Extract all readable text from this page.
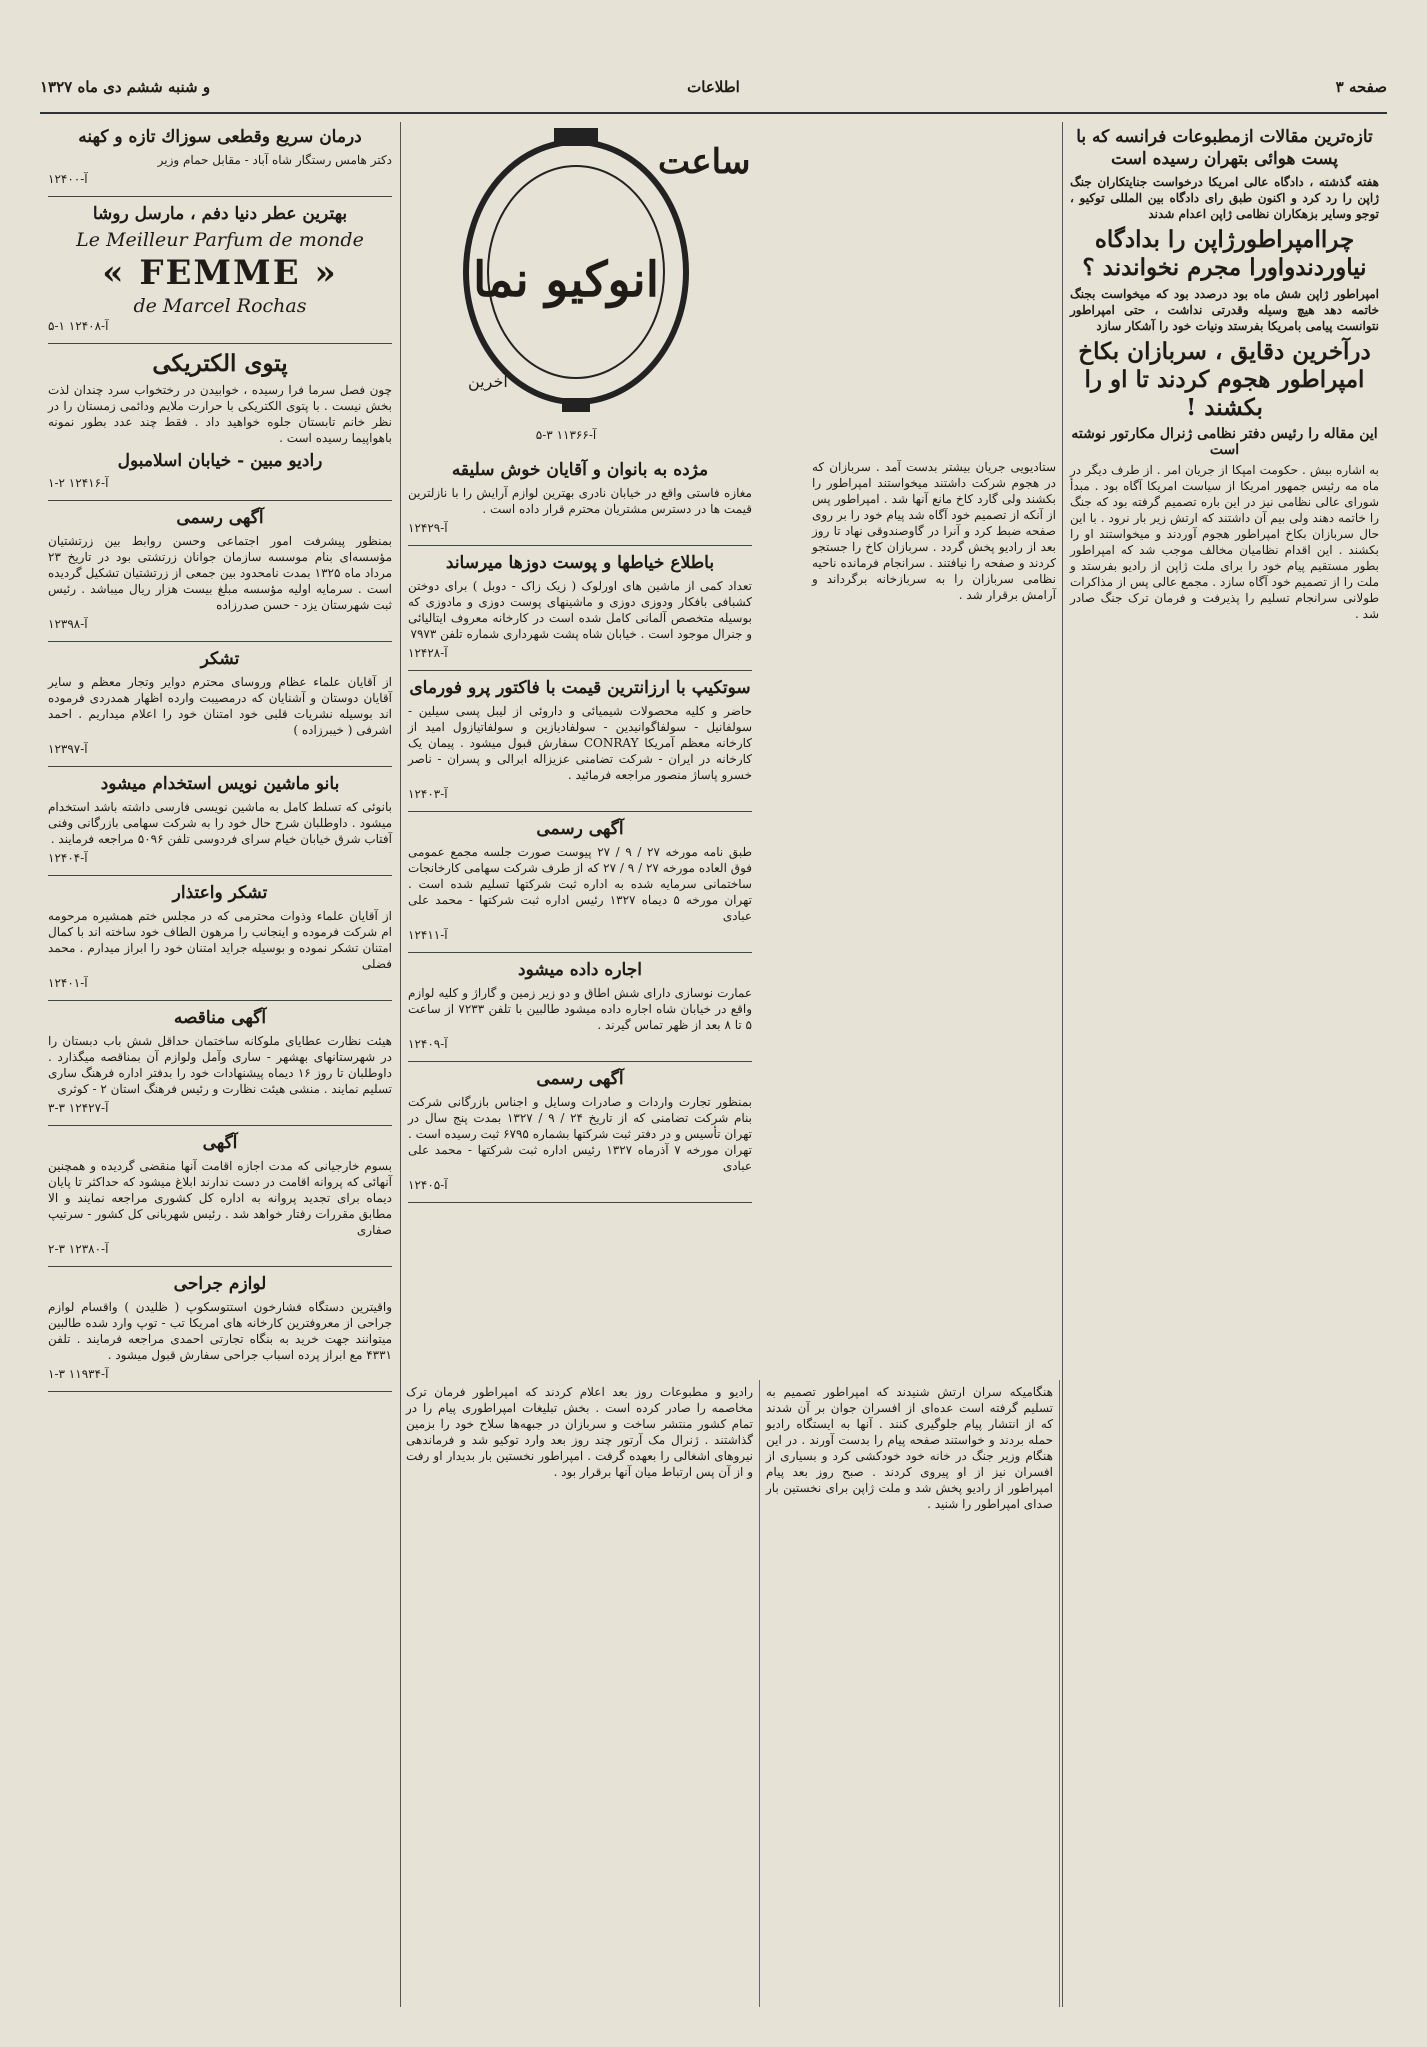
صفحه ۳
اطلاعات
و شنبه ششم دی ماه ۱۳۲۷
تازه‌ترین مقالات ازمطبوعات فرانسه که با پست هوائی بتهران رسیده است
هفته گذشته ، دادگاه عالی امریکا درخواست جنایتکاران جنگ ژاپن را رد کرد و اکنون طبق رای دادگاه بین المللی توکیو ، توجو وسایر بزهکاران نظامی ژاپن اعدام شدند
چراامپراطورژاپن را بدادگاه نیاوردندواورا مجرم نخواندند ؟
امپراطور ژاپن شش ماه بود درصدد بود که میخواست بجنگ خاتمه دهد هیچ وسیله وقدرتی نداشت ، حتی امپراطور نتوانست پیامی بامریکا بفرستد ونیات خود را آشکار سازد
درآخرین دقایق ، سربازان بکاخ امپراطور هجوم کردند تا او را بکشند !
این مقاله را رئیس دفتر نظامی ژنرال مکارتور نوشته است
به اشاره بیش . حکومت امپکا از جریان امر . از طرف دیگر در ماه مه رئیس جمهور امریکا از سیاست امریکا آگاه بود . مبدأ شورای عالی نظامی نیز در این باره تصمیم گرفته بود که جنگ را خاتمه دهند ولی بیم آن داشتند که ارتش زیر بار نرود . با این حال سربازان بکاخ امپراطور هجوم آوردند و میخواستند او را بکشند . این اقدام نظامیان مخالف موجب شد که امپراطور بطور مستقیم پیام خود را برای ملت ژاپن از رادیو بفرستد و ملت را از تصمیم خود آگاه سازد . مجمع عالی پس از مذاکرات طولانی سرانجام تسلیم را پذیرفت و فرمان ترک جنگ صادر شد .
انوکیو نما
ساعت
آخرین
آ-۱۱۳۶۶ ۳-۵
مژده به بانوان و آقایان خوش سلیقه
مغازه فاستی واقع در خیابان نادری بهترین لوازم آرایش را با نازلترین قیمت ها در دسترس مشتریان محترم قرار داده است .
آ-۱۲۴۲۹
باطلاع خیاطها و پوست دوزها میرساند
تعداد کمی از ماشین های اورلوک ( زیک زاک - دوبل ) برای دوختن کشبافی بافکار ودوزی دوزی و ماشینهای پوست دوزی و مادوزی که بوسیله متخصص آلمانی کامل شده است در کارخانه معروف ایتالیائی و جنرال موجود است . خیابان شاه پشت شهرداری شماره تلفن ۷۹۷۳
آ-۱۲۴۲۸
سوتکیپ با ارزانترین قیمت با فاکتور پرو فورمای
حاضر و کلیه محصولات شیمیائی و داروئی از لیبل پسی سیلین - سولفانیل - سولفاگوانیدین - سولفادیازین و سولفاتیازول امید از کارخانه معظم آمریکا CONRAY سفارش قبول میشود . پیمان یک کارخانه در ایران - شرکت تضامنی عزیزاله ابرالی و پسران - ناصر خسرو پاساژ منصور مراجعه فرمائید .
آ-۱۲۴۰۳
آگهی رسمی
طبق نامه مورخه ۲۷ / ۹ / ۲۷ پیوست صورت جلسه مجمع عمومی فوق العاده مورخه ۲۷ / ۹ / ۲۷ که از طرف شرکت سهامی کارخانجات ساختمانی سرمایه شده به اداره ثبت شرکتها تسلیم شده است . تهران مورخه ۵ دیماه ۱۳۲۷ رئیس اداره ثبت شرکتها - محمد علی عبادی
آ-۱۲۴۱۱
اجاره داده میشود
عمارت نوسازی دارای شش اطاق و دو زیر زمین و گاراژ و کلیه لوازم واقع در خیابان شاه اجاره داده میشود طالبین با تلفن ۷۲۳۳ از ساعت ۵ تا ۸ بعد از ظهر تماس گیرند .
آ-۱۲۴۰۹
آگهی رسمی
بمنظور تجارت واردات و صادرات وسایل و اجناس بازرگانی شرکت بنام شرکت تضامنی که از تاریخ ۲۴ / ۹ / ۱۳۲۷ بمدت پنج سال در تهران تأسیس و در دفتر ثبت شرکتها بشماره ۶۷۹۵ ثبت رسیده است . تهران مورخه ۷ آذرماه ۱۳۲۷ رئیس اداره ثبت شرکتها - محمد علی عبادی
آ-۱۲۴۰۵
ستادیویی جریان بیشتر بدست آمد . سربازان که در هجوم شرکت داشتند میخواستند امپراطور را بکشند ولی گارد کاخ مانع آنها شد . امپراطور پس از آنکه از تصمیم خود آگاه شد پیام خود را بر روی صفحه ضبط کرد و آنرا در گاوصندوقی نهاد تا روز بعد از رادیو پخش گردد . سربازان کاخ را جستجو کردند و صفحه را نیافتند . سرانجام فرمانده ناحیه نظامی سربازان را به سربازخانه برگرداند و آرامش برقرار شد .
هنگامیکه سران ارتش شنیدند که امپراطور تصمیم به تسلیم گرفته است عده‌ای از افسران جوان بر آن شدند که از انتشار پیام جلوگیری کنند . آنها به ایستگاه رادیو حمله بردند و خواستند صفحه پیام را بدست آورند . در این هنگام وزیر جنگ در خانه خود خودکشی کرد و بسیاری از افسران نیز از او پیروی کردند . صبح روز بعد پیام امپراطور از رادیو پخش شد و ملت ژاپن برای نخستین بار صدای امپراطور را شنید .
رادیو و مطبوعات روز بعد اعلام کردند که امپراطور فرمان ترک مخاصمه را صادر کرده است . بخش تبلیغات امپراطوری پیام را در تمام کشور منتشر ساخت و سربازان در جبهه‌ها سلاح خود را بزمین گذاشتند . ژنرال مک آرتور چند روز بعد وارد توکیو شد و فرماندهی نیروهای اشغالی را بعهده گرفت . امپراطور نخستین بار بدیدار او رفت و از آن پس ارتباط میان آنها برقرار بود .
درمان سریع وقطعی سوزاك تازه و کهنه
دکتر هامس رستگار شاه آباد - مقابل حمام وزیر
آ-۱۲۴۰۰
بهترین عطر دنیا دفم ، مارسل روشا
Le Meilleur Parfum de monde
« FEMME »
de Marcel Rochas
آ-۱۲۴۰۸ ۱-۵
پتوی الکتریکی
چون فصل سرما فرا رسیده ، خوابیدن در رختخواب سرد چندان لذت بخش نیست . با پتوی الکتریکی با حرارت ملایم ودائمی زمستان را در نظر خانم تابستان جلوه خواهید داد . فقط چند عدد بطور نمونه باهواپیما رسیده است .
رادیو مبین - خیابان اسلامبول
آ-۱۲۴۱۶ ۲-۱
آگهی رسمی
بمنظور پیشرفت امور اجتماعی وحسن روابط بین زرتشتیان مؤسسه‌ای بنام موسسه سازمان جوانان زرتشتی بود در تاریخ ۲۳ مرداد ماه ۱۳۲۵ بمدت نامحدود بین جمعی از زرتشتیان تشکیل گردیده است . سرمایه اولیه مؤسسه مبلغ بیست هزار ریال میباشد . رئیس ثبت شهرستان یزد - حسن صدرزاده
آ-۱۲۳۹۸
تشکر
از آقایان علماء عظام وروسای محترم دوایر وتجار معظم و سایر آقایان دوستان و آشنایان که درمصیبت وارده اظهار همدردی فرموده اند بوسیله نشریات قلبی خود امتنان خود را اعلام میداریم . احمد اشرفی ( خیبرزاده )
آ-۱۲۳۹۷
بانو ماشین نویس استخدام میشود
بانوئی که تسلط کامل به ماشین نویسی فارسی داشته باشد استخدام میشود . داوطلبان شرح حال خود را به شرکت سهامی بازرگانی وفنی آفتاب شرق خیابان خیام سرای فردوسی تلفن ۵۰۹۶ مراجعه فرمایند .
آ-۱۲۴۰۴
تشکر واعتذار
از آقایان علماء وذوات محترمی که در مجلس ختم همشیره مرحومه ام شرکت فرموده و اینجانب را مرهون الطاف خود ساخته اند با کمال امتنان تشکر نموده و بوسیله جراید امتنان خود را ابراز میدارم . محمد فضلی
آ-۱۲۴۰۱
آگهی مناقصه
هیئت نظارت عطایای ملوکانه ساختمان حداقل شش باب دبستان را در شهرستانهای بهشهر - ساری وآمل ولوازم آن بمناقصه میگذارد . داوطلبان تا روز ۱۶ دیماه پیشنهادات خود را بدفتر اداره فرهنگ ساری تسلیم نمایند . منشی هیئت نظارت و رئیس فرهنگ استان ۲ - کوثری
آ-۱۲۴۲۷ ۳-۳
آگهی
بسوم خارجیانی که مدت اجازه اقامت آنها منقضی گردیده و همچنین آنهائی که پروانه اقامت در دست ندارند ابلاغ میشود که حداکثر تا پایان دیماه برای تجدید پروانه به اداره کل کشوری مراجعه نمایند و الا مطابق مقررات رفتار خواهد شد . رئیس شهربانی کل کشور - سرتیپ صفاری
آ-۱۲۳۸۰ ۳-۲
لوازم جراحی
واقیترین دستگاه فشارخون استتوسکوپ ( ظلیدن ) واقسام لوازم جراحی از معروفترین کارخانه های امریکا تب - توپ وارد شده طالبین میتوانند جهت خرید به بنگاه تجارتی احمدی مراجعه فرمایند . تلفن ۴۳۳۱ مع ابراز پرده اسباب جراحی سفارش قبول میشود .
آ-۱۱۹۳۴ ۳-۱
